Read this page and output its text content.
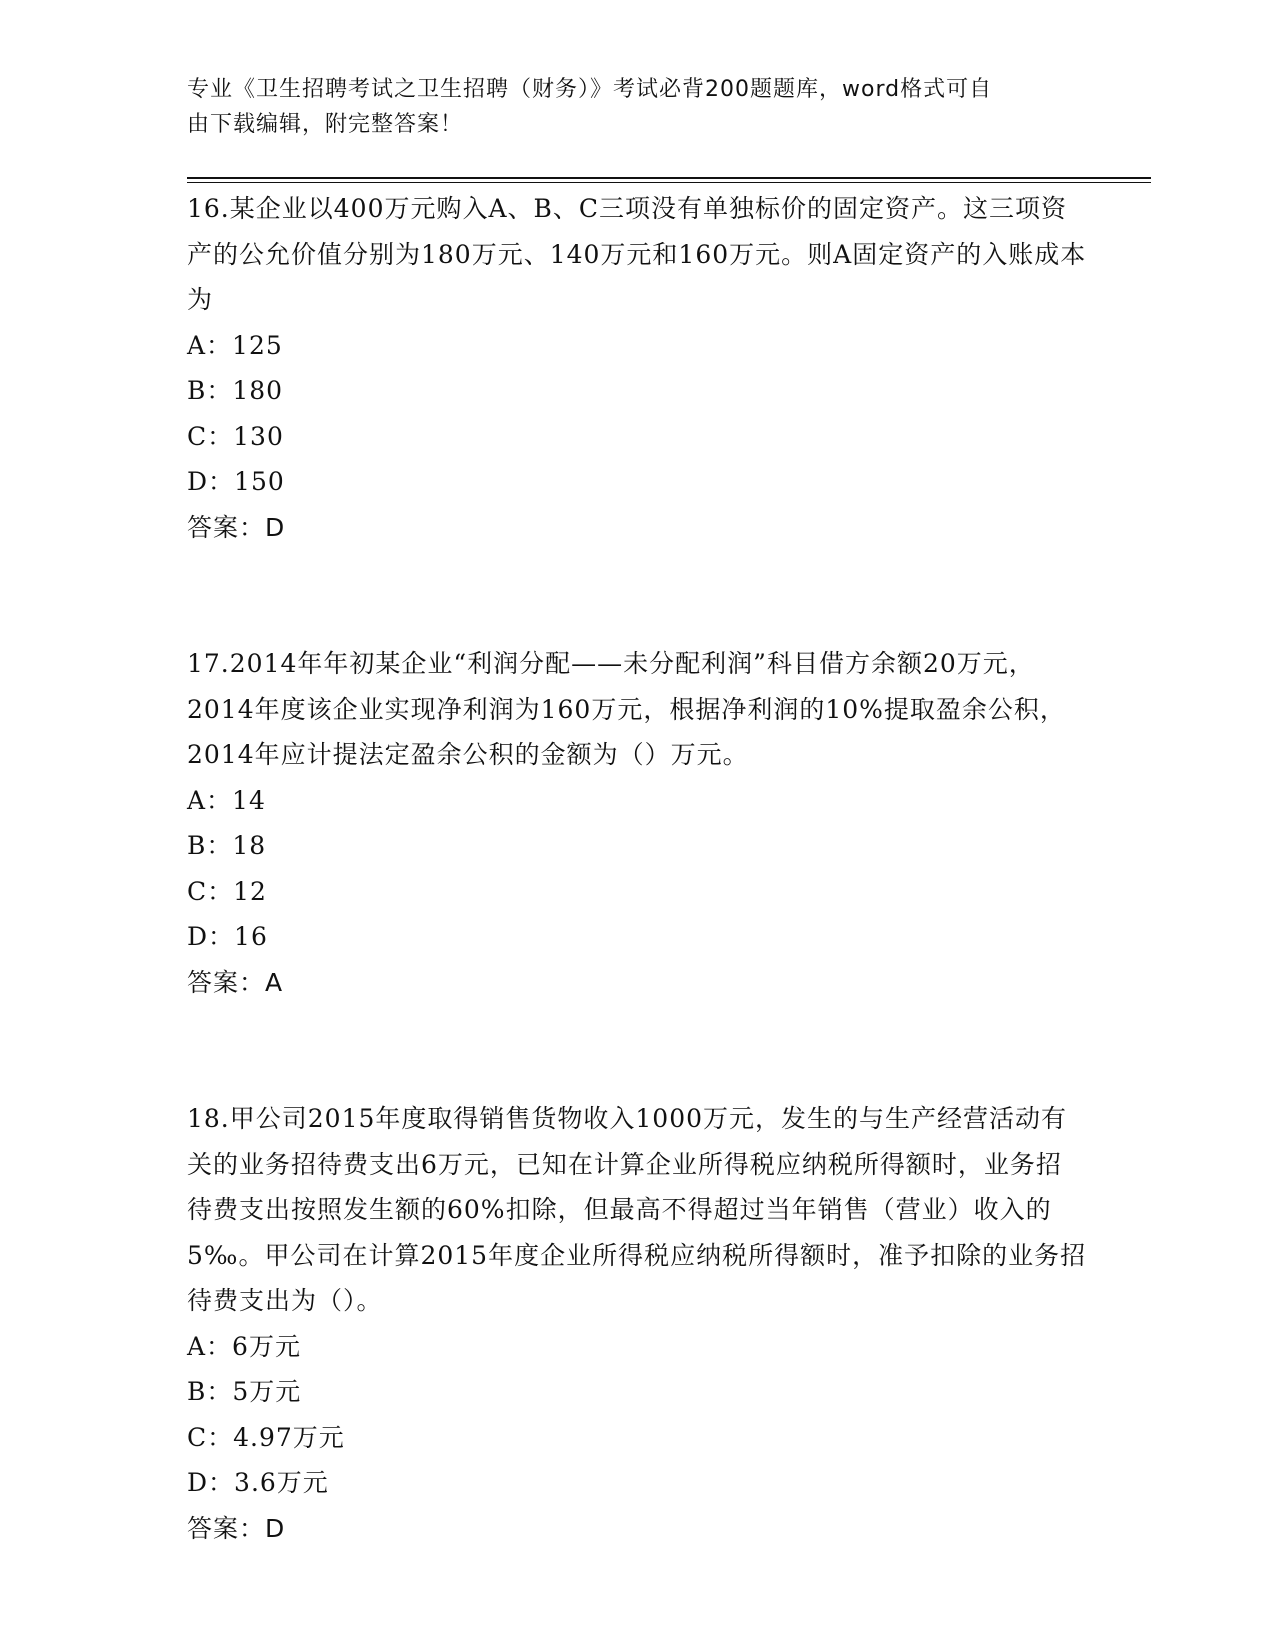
专业《卫生招聘考试之卫生招聘（财务）》考试必背200题题库，word格式可自
由下载编辑，附完整答案！

16.某企业以400万元购入A、B、C三项没有单独标价的固定资产。这三项资产的公允价值分别为180万元、140万元和160万元。则A固定资产的入账成本为

A：125

B：180

C：130

D：150

答案：D

17.2014年年初某企业“利润分配——未分配利润”科目借方余额20万元，2014年度该企业实现净利润为160万元，根据净利润的10%提取盈余公积，2014年应计提法定盈余公积的金额为（）万元。

A：14

B：18

C：12

D：16

答案：A

18.甲公司2015年度取得销售货物收入1000万元，发生的与生产经营活动有关的业务招待费支出6万元，已知在计算企业所得税应纳税所得额时，业务招待费支出按照发生额的60%扣除，但最高不得超过当年销售（营业）收入的5‰。甲公司在计算2015年度企业所得税应纳税所得额时，准予扣除的业务招待费支出为（）。

A：6万元

B：5万元

C：4.97万元

D：3.6万元

答案：D
